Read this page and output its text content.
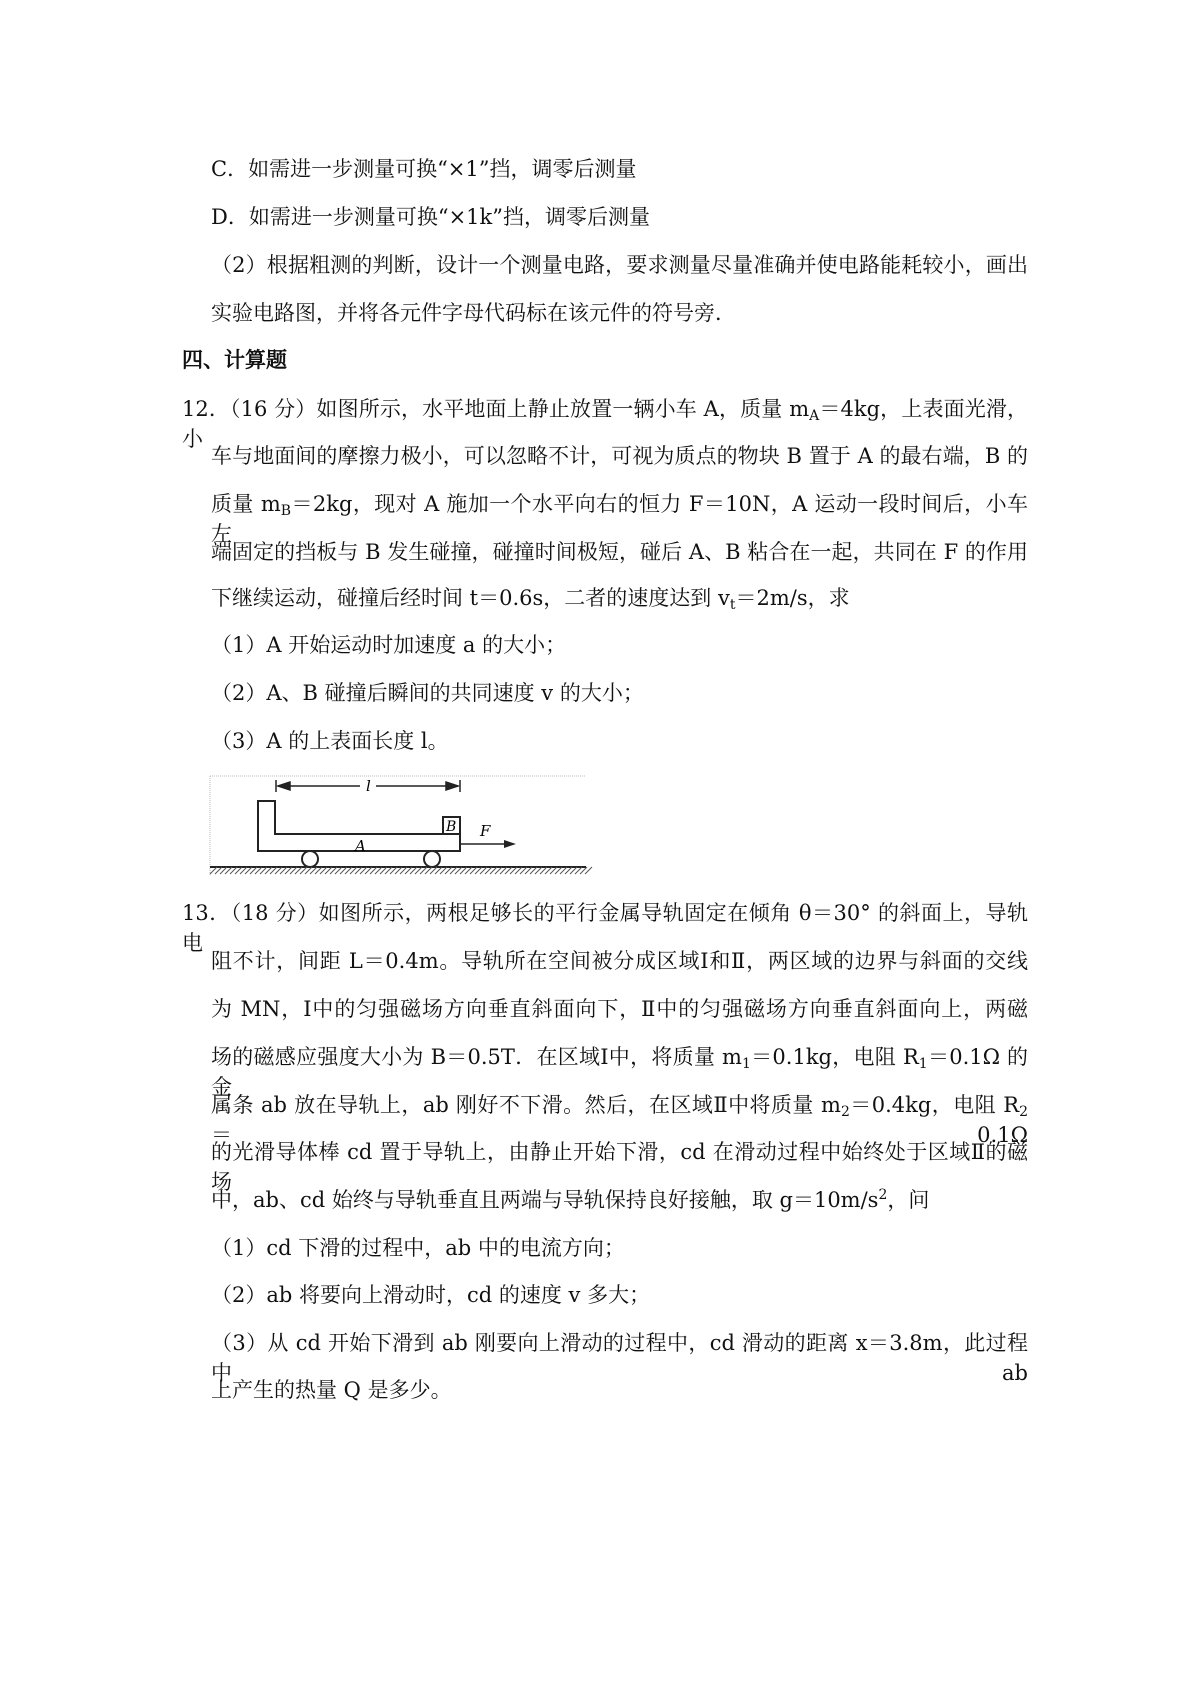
C．如需进一步测量可换“×1”挡，调零后测量
D．如需进一步测量可换“×1k”挡，调零后测量
（2）根据粗测的判断，设计一个测量电路，要求测量尽量准确并使电路能耗较小，画出
实验电路图，并将各元件字母代码标在该元件的符号旁．
四、计算题
12．（16 分）如图所示，水平地面上静止放置一辆小车 A，质量 $m_A=4kg$，上表面光滑，小
车与地面间的摩擦力极小，可以忽略不计，可视为质点的物块 B 置于 A 的最右端，B 的
质量 $m_B=2kg$，现对 A 施加一个水平向右的恒力 F＝10N，A 运动一段时间后，小车左
端固定的挡板与 B 发生碰撞，碰撞时间极短，碰后 A、B 粘合在一起，共同在 F 的作用
下继续运动，碰撞后经时间 t＝0.6s，二者的速度达到 $v_t=2m/s$，求
（1）A 开始运动时加速度 a 的大小；
（2）A、B 碰撞后瞬间的共同速度 v 的大小；
（3）A 的上表面长度 l。
13．（18 分）如图所示，两根足够长的平行金属导轨固定在倾角 θ＝30° 的斜面上，导轨电
阻不计，间距 L＝0.4m。导轨所在空间被分成区域Ⅰ和Ⅱ，两区域的边界与斜面的交线
为 MN，Ⅰ中的匀强磁场方向垂直斜面向下，Ⅱ中的匀强磁场方向垂直斜面向上，两磁
场的磁感应强度大小为 B＝0.5T．在区域Ⅰ中，将质量 $m_1=0.1kg$，电阻 $R_1=0.1\Omega$ 的金
属条 ab 放在导轨上，ab 刚好不下滑。然后，在区域Ⅱ中将质量 $m_2=0.4kg$，电阻 $R_2=0.1\Omega$
的光滑导体棒 cd 置于导轨上，由静止开始下滑，cd 在滑动过程中始终处于区域Ⅱ的磁场
中，ab、cd 始终与导轨垂直且两端与导轨保持良好接触，取 $g=10m/s^2$，问
（1）cd 下滑的过程中，ab 中的电流方向；
（2）ab 将要向上滑动时，cd 的速度 v 多大；
（3）从 cd 开始下滑到 ab 刚要向上滑动的过程中，cd 滑动的距离 x＝3.8m，此过程中 ab
上产生的热量 Q 是多少。
l
B
A
F
